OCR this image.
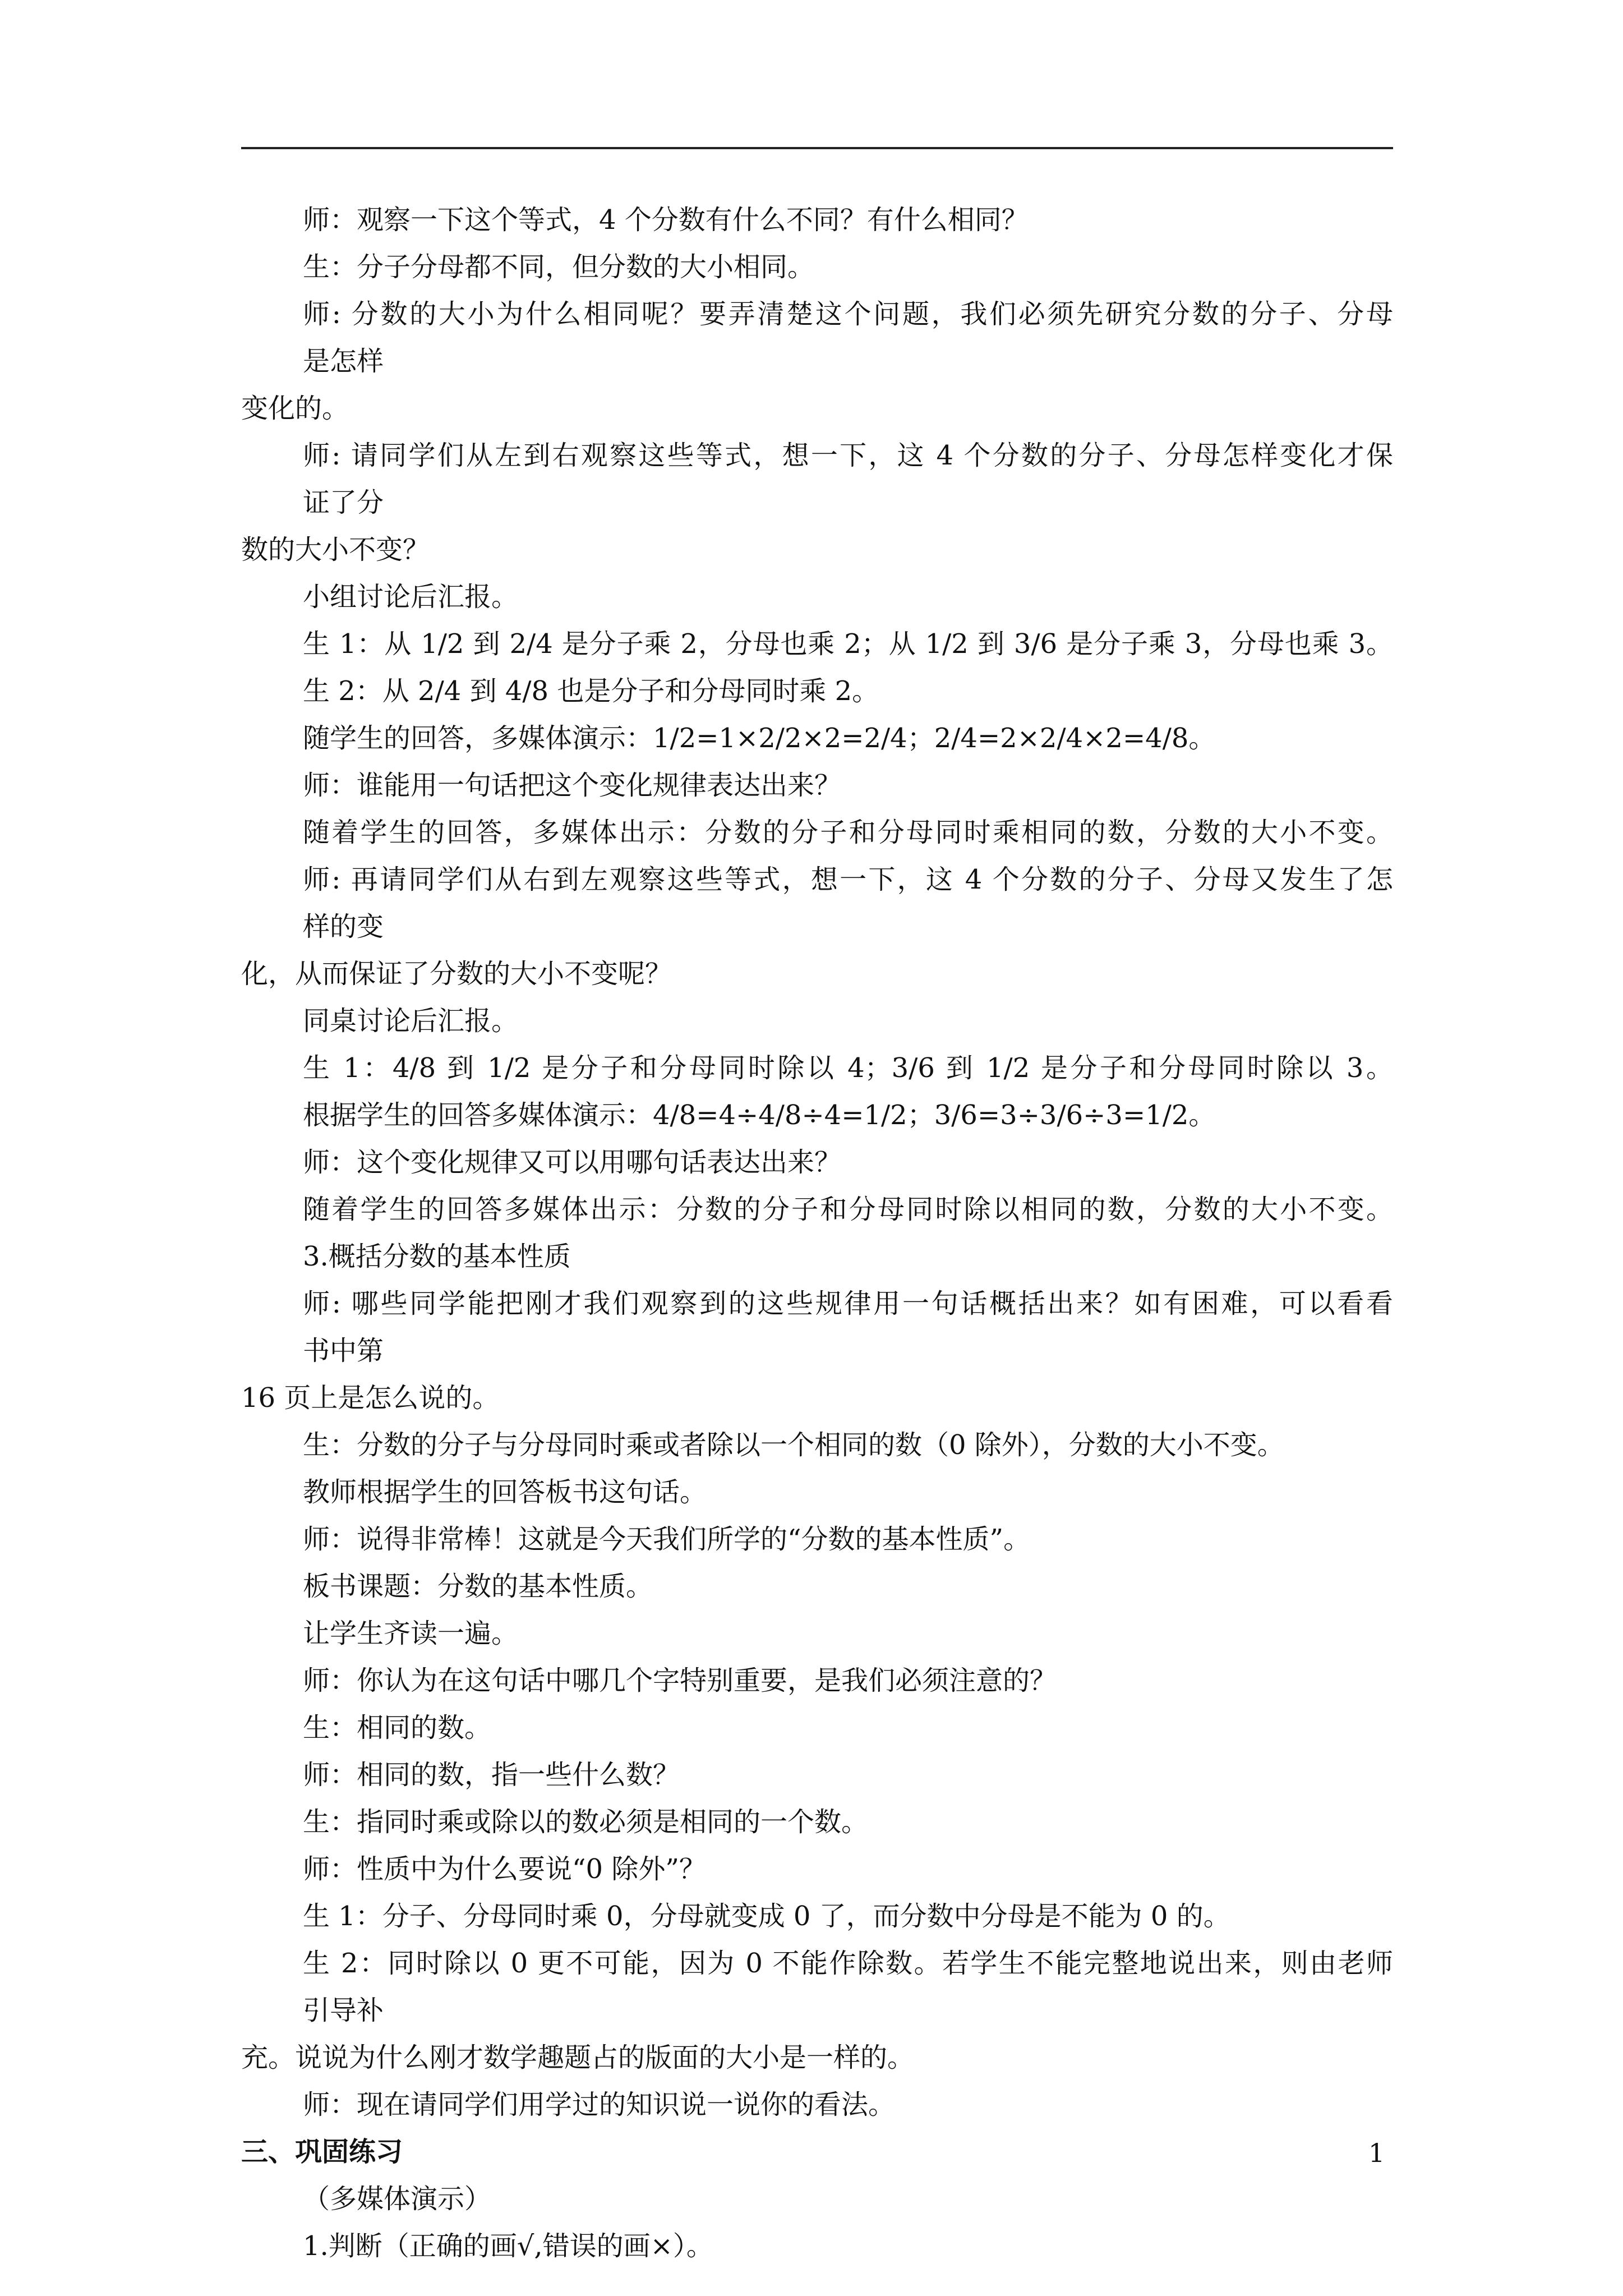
师：观察一下这个等式，4 个分数有什么不同？有什么相同？
生：分子分母都不同，但分数的大小相同。
师: 分数的大小为什么相同呢？要弄清楚这个问题，我们必须先研究分数的分子、分母
是怎样
变化的。
师: 请同学们从左到右观察这些等式，想一下，这 4 个分数的分子、分母怎样变化才保
证了分
数的大小不变？
小组讨论后汇报。
生 1：从 1/2 到 2/4 是分子乘 2，分母也乘 2；从 1/2 到 3/6 是分子乘 3，分母也乘 3。
生 2：从 2/4 到 4/8 也是分子和分母同时乘 2。
随学生的回答，多媒体演示：1/2=1×2/2×2=2/4；2/4=2×2/4×2=4/8。
师：谁能用一句话把这个变化规律表达出来？
随着学生的回答，多媒体出示：分数的分子和分母同时乘相同的数，分数的大小不变。
师: 再请同学们从右到左观察这些等式，想一下，这 4 个分数的分子、分母又发生了怎
样的变
化，从而保证了分数的大小不变呢？
同桌讨论后汇报。
生 1：4/8 到 1/2 是分子和分母同时除以 4；3/6 到 1/2 是分子和分母同时除以 3。
根据学生的回答多媒体演示：4/8=4÷4/8÷4=1/2；3/6=3÷3/6÷3=1/2。
师：这个变化规律又可以用哪句话表达出来？
随着学生的回答多媒体出示：分数的分子和分母同时除以相同的数，分数的大小不变。
3.概括分数的基本性质
师: 哪些同学能把刚才我们观察到的这些规律用一句话概括出来？如有困难，可以看看
书中第
16 页上是怎么说的。
生：分数的分子与分母同时乘或者除以一个相同的数（0 除外），分数的大小不变。
教师根据学生的回答板书这句话。
师：说得非常棒！这就是今天我们所学的“分数的基本性质”。
板书课题：分数的基本性质。
让学生齐读一遍。
师：你认为在这句话中哪几个字特别重要，是我们必须注意的？
生：相同的数。
师：相同的数，指一些什么数？
生：指同时乘或除以的数必须是相同的一个数。
师：性质中为什么要说“0 除外”？
生 1：分子、分母同时乘 0，分母就变成 0 了，而分数中分母是不能为 0 的。
生 2：同时除以 0 更不可能，因为 0 不能作除数。若学生不能完整地说出来，则由老师
引导补
充。说说为什么刚才数学趣题占的版面的大小是一样的。
师：现在请同学们用学过的知识说一说你的看法。
三、巩固练习
（多媒体演示）
1.判断（正确的画√,错误的画×）。
1
